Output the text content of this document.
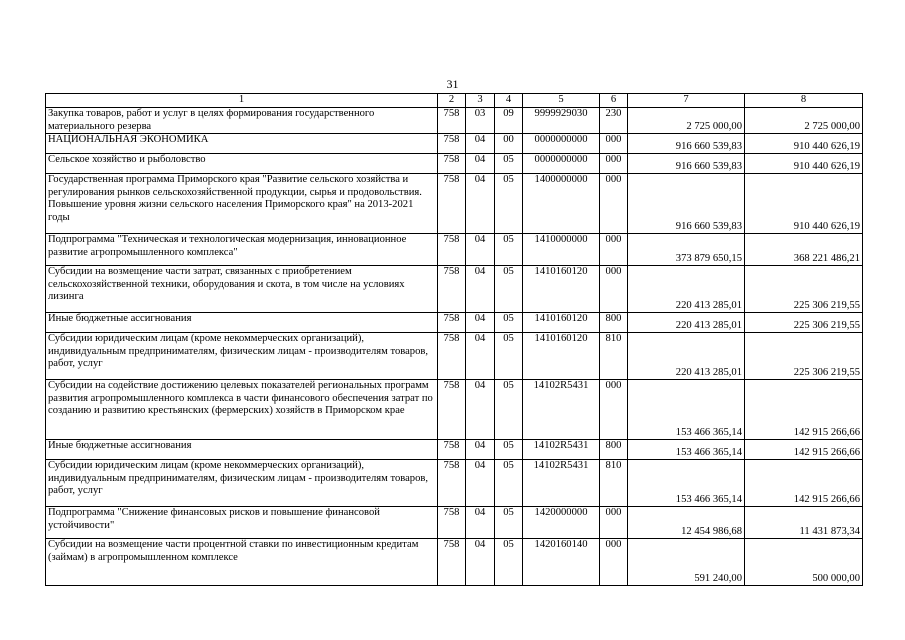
31
1	2	3	4	5	6	7	8
Закупка товаров, работ и услуг в целях формирования государственного материального резерва	758	03	09	9999929030	230	2 725 000,00	2 725 000,00
НАЦИОНАЛЬНАЯ ЭКОНОМИКА	758	04	00	0000000000	000	916 660 539,83	910 440 626,19
Сельское хозяйство и рыболовство	758	04	05	0000000000	000	916 660 539,83	910 440 626,19
Государственная программа Приморского края "Развитие сельского хозяйства и регулирования рынков сельскохозяйственной продукции, сырья и продовольствия. Повышение уровня жизни сельского населения Приморского края" на 2013-2021 годы	758	04	05	1400000000	000	916 660 539,83	910 440 626,19
Подпрограмма "Техническая и технологическая модернизация, инновационное развитие агропромышленного комплекса"	758	04	05	1410000000	000	373 879 650,15	368 221 486,21
Субсидии на возмещение части затрат, связанных с приобретением сельскохозяйственной техники, оборудования и скота, в том числе на условиях лизинга	758	04	05	1410160120	000	220 413 285,01	225 306 219,55
Иные бюджетные ассигнования	758	04	05	1410160120	800	220 413 285,01	225 306 219,55
Субсидии юридическим лицам (кроме некоммерческих организаций), индивидуальным предпринимателям, физическим лицам - производителям товаров, работ, услуг	758	04	05	1410160120	810	220 413 285,01	225 306 219,55
Субсидии на содействие достижению целевых показателей региональных программ развития агропромышленного комплекса в части финансового обеспечения затрат по созданию и развитию крестьянских (фермерских) хозяйств в Приморском крае	758	04	05	14102R5431	000	153 466 365,14	142 915 266,66
Иные бюджетные ассигнования	758	04	05	14102R5431	800	153 466 365,14	142 915 266,66
Субсидии юридическим лицам (кроме некоммерческих организаций), индивидуальным предпринимателям, физическим лицам - производителям товаров, работ, услуг	758	04	05	14102R5431	810	153 466 365,14	142 915 266,66
Подпрограмма "Снижение финансовых рисков и повышение финансовой устойчивости"	758	04	05	1420000000	000	12 454 986,68	11 431 873,34
Субсидии на возмещение части процентной ставки по инвестиционным кредитам (займам) в агропромышленном комплексе	758	04	05	1420160140	000	591 240,00	500 000,00
